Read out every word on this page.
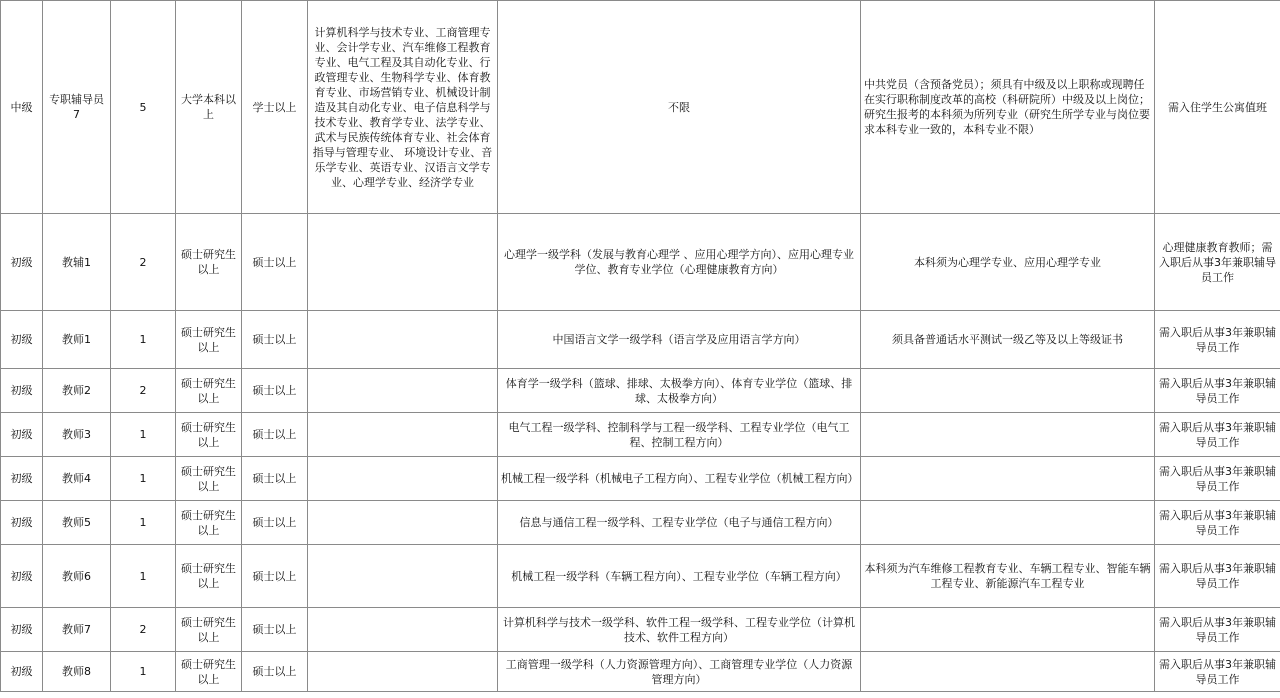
中级	专职辅导员7	5	大学本科以上	学士以上	计算机科学与技术专业、工商管理专业、会计学专业、汽车维修工程教育专业、电气工程及其自动化专业、行政管理专业、生物科学专业、体育教育专业、市场营销专业、机械设计制造及其自动化专业、电子信息科学与技术专业、教育学专业、法学专业、武术与民族传统体育专业、社会体育指导与管理专业、 环境设计专业、音乐学专业、英语专业、汉语言文学专业、心理学专业、经济学专业	不限	中共党员（含预备党员）；须具有中级及以上职称或现聘任在实行职称制度改革的高校（科研院所）中级及以上岗位；研究生报考的本科须为所列专业（研究生所学专业与岗位要求本科专业一致的，本科专业不限）	需入住学生公寓值班
初级	教辅1	2	硕士研究生以上	硕士以上		心理学一级学科（发展与教育心理学 、应用心理学方向）、应用心理专业学位、教育专业学位（心理健康教育方向）	本科须为心理学专业、应用心理学专业	心理健康教育教师；需入职后从事3年兼职辅导员工作
初级	教师1	1	硕士研究生以上	硕士以上		中国语言文学一级学科（语言学及应用语言学方向）	须具备普通话水平测试一级乙等及以上等级证书	需入职后从事3年兼职辅导员工作
初级	教师2	2	硕士研究生以上	硕士以上		体育学一级学科（篮球、排球、太极拳方向）、体育专业学位（篮球、排球、太极拳方向）		需入职后从事3年兼职辅导员工作
初级	教师3	1	硕士研究生以上	硕士以上		电气工程一级学科、控制科学与工程一级学科、工程专业学位（电气工程、控制工程方向）		需入职后从事3年兼职辅导员工作
初级	教师4	1	硕士研究生以上	硕士以上		机械工程一级学科（机械电子工程方向）、工程专业学位（机械工程方向）		需入职后从事3年兼职辅导员工作
初级	教师5	1	硕士研究生以上	硕士以上		信息与通信工程一级学科、工程专业学位（电子与通信工程方向）		需入职后从事3年兼职辅导员工作
初级	教师6	1	硕士研究生以上	硕士以上		机械工程一级学科（车辆工程方向）、工程专业学位（车辆工程方向）	本科须为汽车维修工程教育专业、车辆工程专业、智能车辆工程专业、新能源汽车工程专业	需入职后从事3年兼职辅导员工作
初级	教师7	2	硕士研究生以上	硕士以上		计算机科学与技术一级学科、软件工程一级学科、工程专业学位（计算机技术、软件工程方向）		需入职后从事3年兼职辅导员工作
初级	教师8	1	硕士研究生以上	硕士以上		工商管理一级学科（人力资源管理方向）、工商管理专业学位（人力资源管理方向）		需入职后从事3年兼职辅导员工作
